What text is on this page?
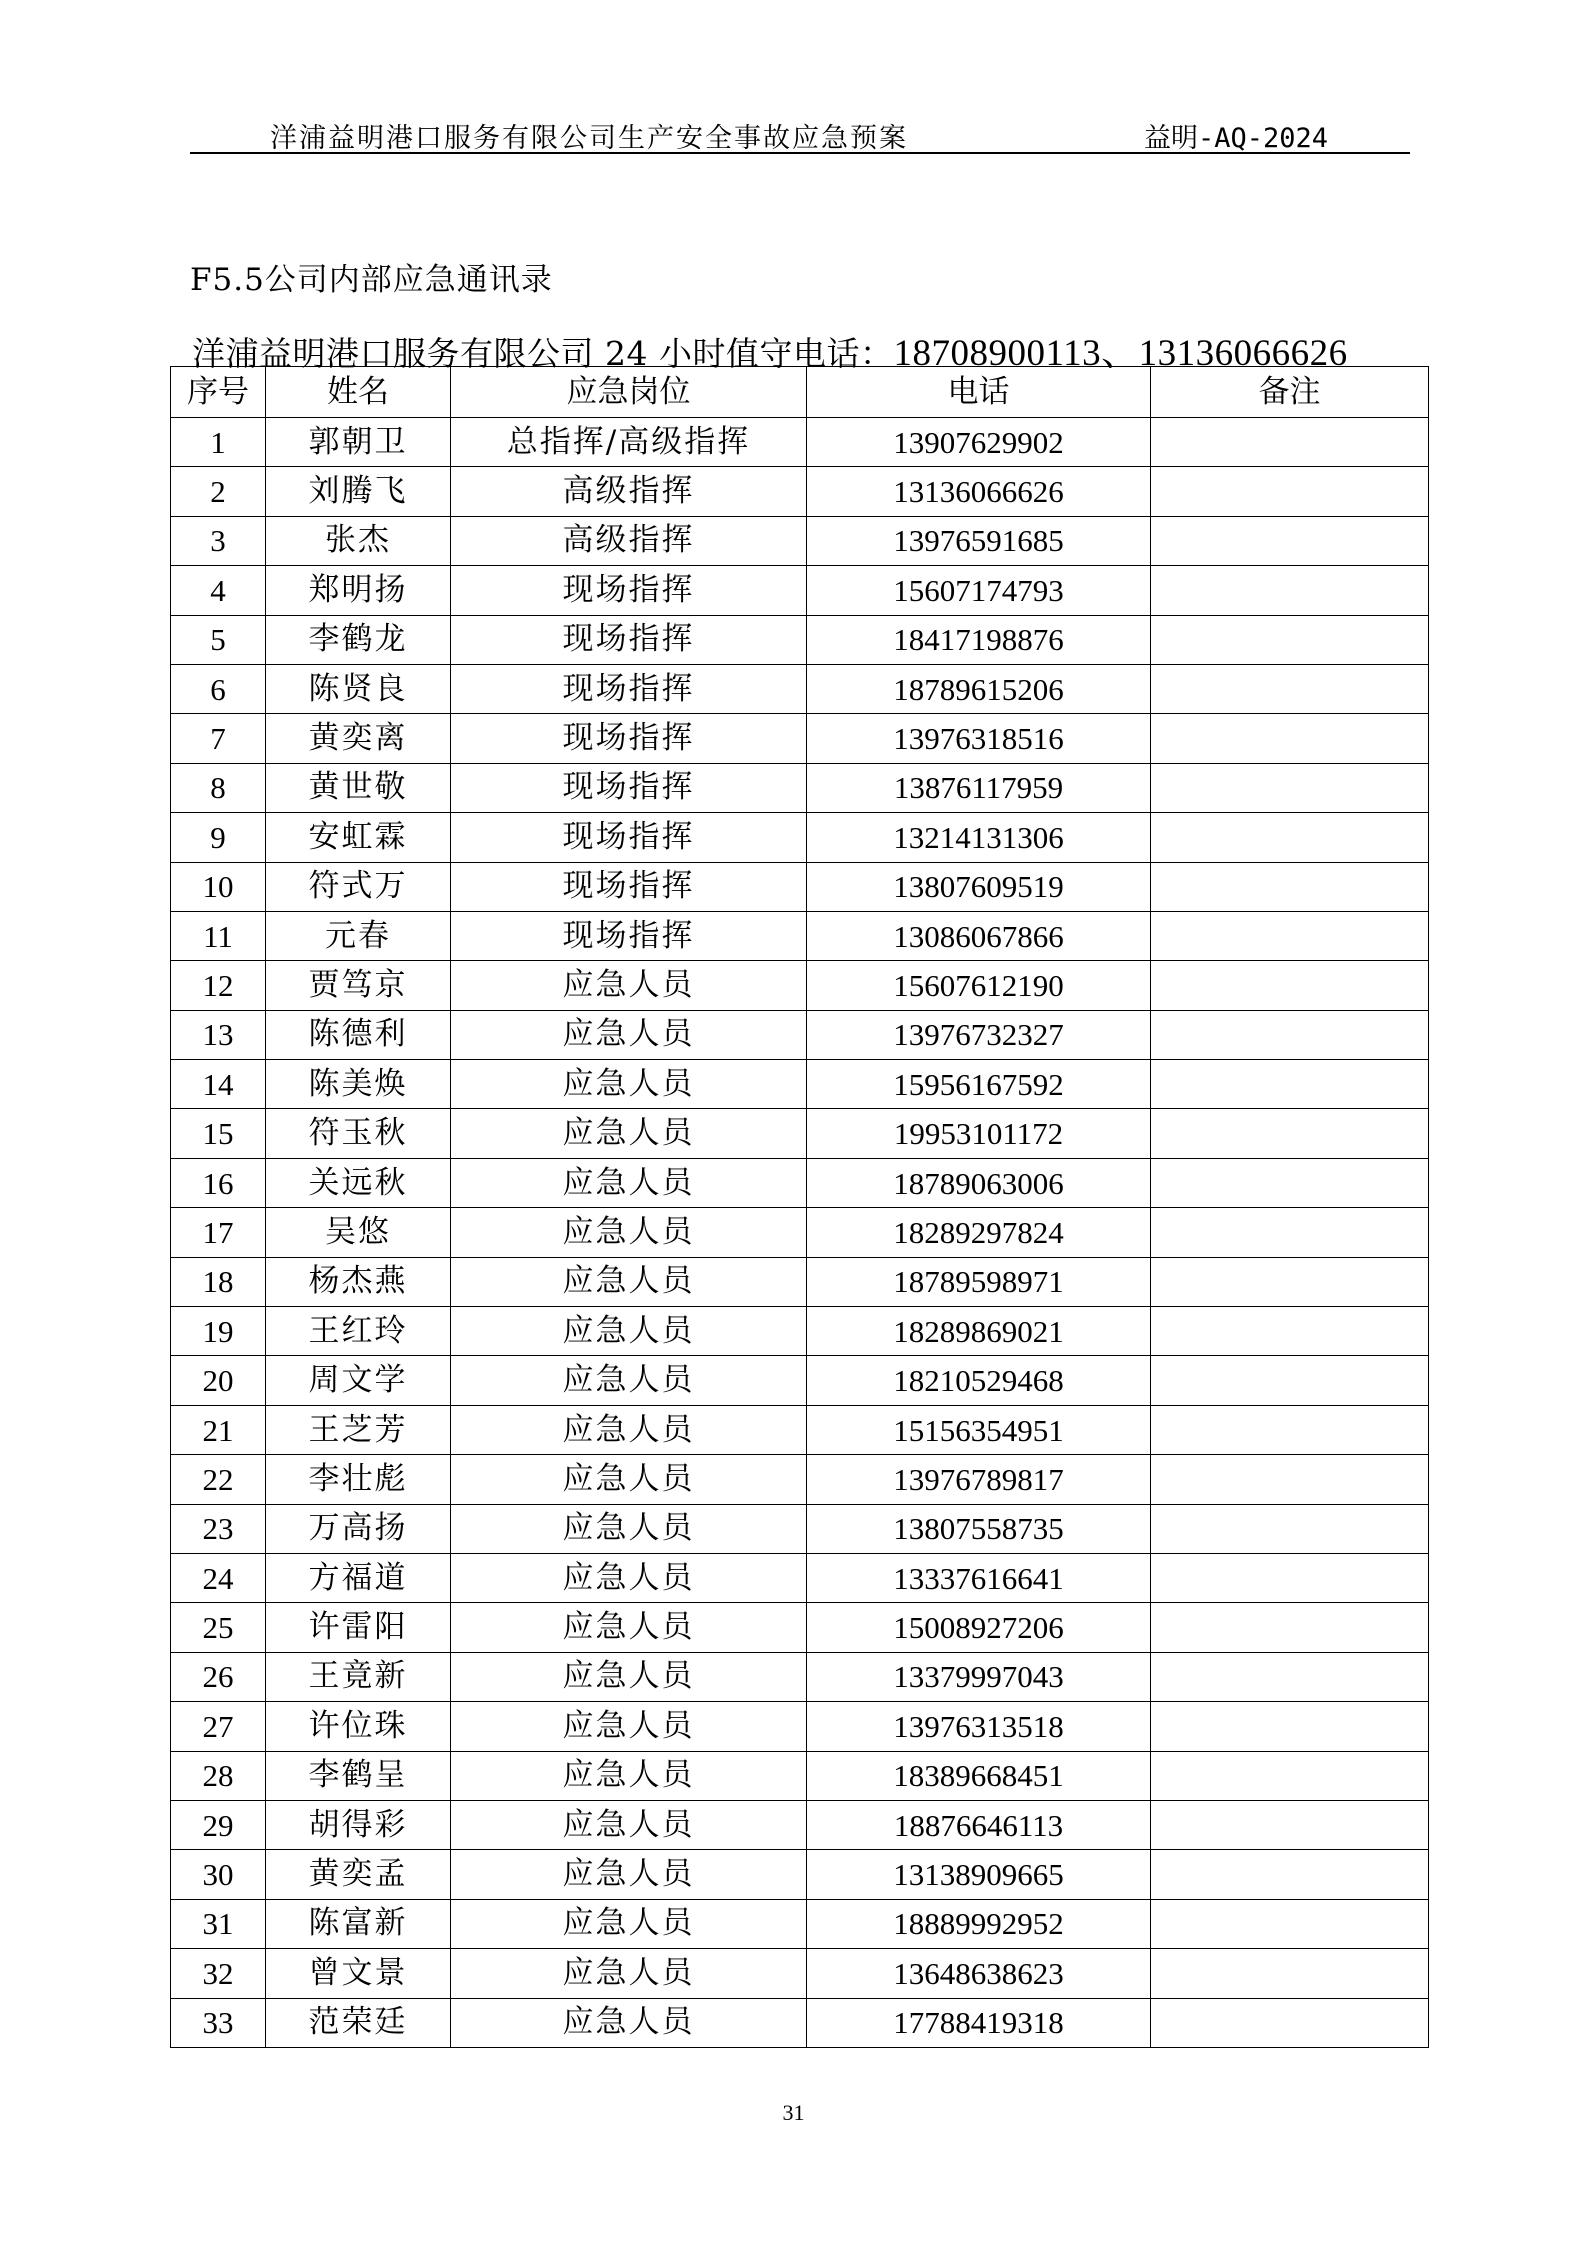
洋浦益明港口服务有限公司生产安全事故应急预案	益明-AQ-2024
F5.5公司内部应急通讯录
洋浦益明港口服务有限公司 24 小时值守电话：18708900113、13136066626
序号	姓名	应急岗位	电话	备注
1	郭朝卫	总指挥/高级指挥	13907629902	
2	刘腾飞	高级指挥	13136066626	
3	张杰	高级指挥	13976591685	
4	郑明扬	现场指挥	15607174793	
5	李鹤龙	现场指挥	18417198876	
6	陈贤良	现场指挥	18789615206	
7	黄奕离	现场指挥	13976318516	
8	黄世敬	现场指挥	13876117959	
9	安虹霖	现场指挥	13214131306	
10	符式万	现场指挥	13807609519	
11	元春	现场指挥	13086067866	
12	贾笃京	应急人员	15607612190	
13	陈德利	应急人员	13976732327	
14	陈美焕	应急人员	15956167592	
15	符玉秋	应急人员	19953101172	
16	关远秋	应急人员	18789063006	
17	吴悠	应急人员	18289297824	
18	杨杰燕	应急人员	18789598971	
19	王红玲	应急人员	18289869021	
20	周文学	应急人员	18210529468	
21	王芝芳	应急人员	15156354951	
22	李壮彪	应急人员	13976789817	
23	万高扬	应急人员	13807558735	
24	方福道	应急人员	13337616641	
25	许雷阳	应急人员	15008927206	
26	王竟新	应急人员	13379997043	
27	许位珠	应急人员	13976313518	
28	李鹤呈	应急人员	18389668451	
29	胡得彩	应急人员	18876646113	
30	黄奕孟	应急人员	13138909665	
31	陈富新	应急人员	18889992952	
32	曾文景	应急人员	13648638623	
33	范荣廷	应急人员	17788419318	
31
